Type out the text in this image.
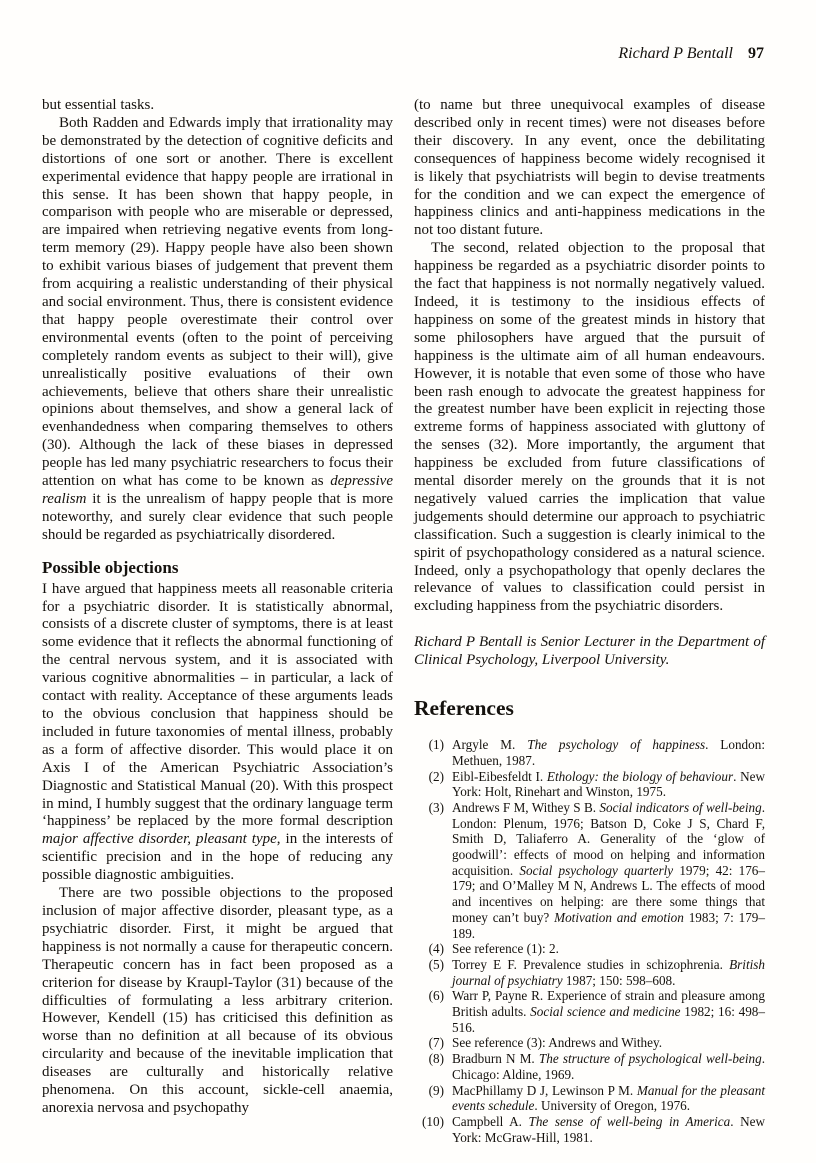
Richard P Bentall 97

but essential tasks.

Both Radden and Edwards imply that irrationality may be demonstrated by the detection of cognitive deficits and distortions of one sort or another. There is excellent experimental evidence that happy people are irrational in this sense. It has been shown that happy people, in comparison with people who are miserable or depressed, are impaired when retrieving negative events from long-term memory (29). Happy people have also been shown to exhibit various biases of judgement that prevent them from acquiring a realistic understanding of their physical and social environment. Thus, there is consistent evidence that happy people overestimate their control over environmental events (often to the point of perceiving completely random events as subject to their will), give unrealistically positive evaluations of their own achievements, believe that others share their unrealistic opinions about themselves, and show a general lack of evenhandedness when comparing themselves to others (30). Although the lack of these biases in depressed people has led many psychiatric researchers to focus their attention on what has come to be known as depressive realism it is the unrealism of happy people that is more noteworthy, and surely clear evidence that such people should be regarded as psychiatrically disordered.

Possible objections

I have argued that happiness meets all reasonable criteria for a psychiatric disorder. It is statistically abnormal, consists of a discrete cluster of symptoms, there is at least some evidence that it reflects the abnormal functioning of the central nervous system, and it is associated with various cognitive abnormalities – in particular, a lack of contact with reality. Acceptance of these arguments leads to the obvious conclusion that happiness should be included in future taxonomies of mental illness, probably as a form of affective disorder. This would place it on Axis I of the American Psychiatric Association’s Diagnostic and Statistical Manual (20). With this prospect in mind, I humbly suggest that the ordinary language term ‘happiness’ be replaced by the more formal description major affective disorder, pleasant type, in the interests of scientific precision and in the hope of reducing any possible diagnostic ambiguities.

There are two possible objections to the proposed inclusion of major affective disorder, pleasant type, as a psychiatric disorder. First, it might be argued that happiness is not normally a cause for therapeutic concern. Therapeutic concern has in fact been proposed as a criterion for disease by Kraupl-Taylor (31) because of the difficulties of formulating a less arbitrary criterion. However, Kendell (15) has criticised this definition as worse than no definition at all because of its obvious circularity and because of the inevitable implication that diseases are culturally and historically relative phenomena. On this account, sickle-cell anaemia, anorexia nervosa and psychopathy

(to name but three unequivocal examples of disease described only in recent times) were not diseases before their discovery. In any event, once the debilitating consequences of happiness become widely recognised it is likely that psychiatrists will begin to devise treatments for the condition and we can expect the emergence of happiness clinics and anti-happiness medications in the not too distant future.

The second, related objection to the proposal that happiness be regarded as a psychiatric disorder points to the fact that happiness is not normally negatively valued. Indeed, it is testimony to the insidious effects of happiness on some of the greatest minds in history that some philosophers have argued that the pursuit of happiness is the ultimate aim of all human endeavours. However, it is notable that even some of those who have been rash enough to advocate the greatest happiness for the greatest number have been explicit in rejecting those extreme forms of happiness associated with gluttony of the senses (32). More importantly, the argument that happiness be excluded from future classifications of mental disorder merely on the grounds that it is not negatively valued carries the implication that value judgements should determine our approach to psychiatric classification. Such a suggestion is clearly inimical to the spirit of psychopathology considered as a natural science. Indeed, only a psychopathology that openly declares the relevance of values to classification could persist in excluding happiness from the psychiatric disorders.

Richard P Bentall is Senior Lecturer in the Department of Clinical Psychology, Liverpool University.

References
(1) Argyle M. The psychology of happiness. London: Methuen, 1987.
(2) Eibl-Eibesfeldt I. Ethology: the biology of behaviour. New York: Holt, Rinehart and Winston, 1975.
(3) Andrews F M, Withey S B. Social indicators of well-being. London: Plenum, 1976; Batson D, Coke J S, Chard F, Smith D, Taliaferro A. Generality of the ‘glow of goodwill’: effects of mood on helping and information acquisition. Social psychology quarterly 1979; 42: 176–179; and O’Malley M N, Andrews L. The effects of mood and incentives on helping: are there some things that money can’t buy? Motivation and emotion 1983; 7: 179–189.
(4) See reference (1): 2.
(5) Torrey E F. Prevalence studies in schizophrenia. British journal of psychiatry 1987; 150: 598–608.
(6) Warr P, Payne R. Experience of strain and pleasure among British adults. Social science and medicine 1982; 16: 498–516.
(7) See reference (3): Andrews and Withey.
(8) Bradburn N M. The structure of psychological well-being. Chicago: Aldine, 1969.
(9) MacPhillamy D J, Lewinson P M. Manual for the pleasant events schedule. University of Oregon, 1976.
(10) Campbell A. The sense of well-being in America. New York: McGraw-Hill, 1981.
